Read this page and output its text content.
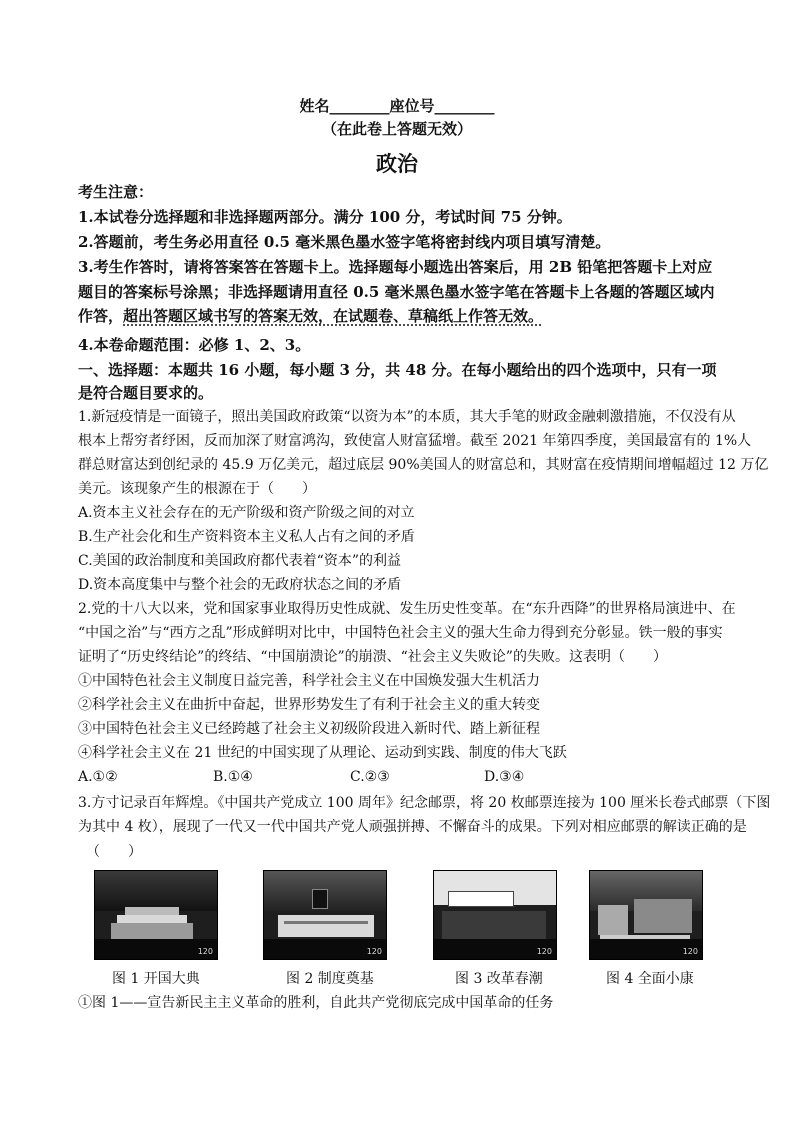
姓名________座位号________
（在此卷上答题无效）
政治
考生注意：
1.本试卷分选择题和非选择题两部分。满分 100 分，考试时间 75 分钟。
2.答题前，考生务必用直径 0.5 毫米黑色墨水签字笔将密封线内项目填写清楚。
3.考生作答时，请将答案答在答题卡上。选择题每小题选出答案后，用 2B 铅笔把答题卡上对应
题目的答案标号涂黑；非选择题请用直径 0.5 毫米黑色墨水签字笔在答题卡上各题的答题区域内
作答，超出答题区域书写的答案无效，在试题卷、草稿纸上作答无效。
4.本卷命题范围：必修 1、2、3。
一、选择题：本题共 16 小题，每小题 3 分，共 48 分。在每小题给出的四个选项中，只有一项
是符合题目要求的。
1.新冠疫情是一面镜子，照出美国政府政策“以资为本”的本质，其大手笔的财政金融刺激措施，不仅没有从
根本上帮穷者纾困，反而加深了财富鸿沟，致使富人财富猛增。截至 2021 年第四季度，美国最富有的 1%人
群总财富达到创纪录的 45.9 万亿美元，超过底层 90%美国人的财富总和，其财富在疫情期间增幅超过 12 万亿
美元。该现象产生的根源在于（　　）
A.资本主义社会存在的无产阶级和资产阶级之间的对立
B.生产社会化和生产资料资本主义私人占有之间的矛盾
C.美国的政治制度和美国政府都代表着“资本”的利益
D.资本高度集中与整个社会的无政府状态之间的矛盾
2.党的十八大以来，党和国家事业取得历史性成就、发生历史性变革。在“东升西降”的世界格局演进中、在
“中国之治”与“西方之乱”形成鲜明对比中，中国特色社会主义的强大生命力得到充分彰显。铁一般的事实
证明了“历史终结论”的终结、“中国崩溃论”的崩溃、“社会主义失败论”的失败。这表明（　　）
①中国特色社会主义制度日益完善，科学社会主义在中国焕发强大生机活力
②科学社会主义在曲折中奋起，世界形势发生了有利于社会主义的重大转变
③中国特色社会主义已经跨越了社会主义初级阶段进入新时代、踏上新征程
④科学社会主义在 21 世纪的中国实现了从理论、运动到实践、制度的伟大飞跃
A.①②	B.①④	C.②③	D.③④
3.方寸记录百年辉煌。《中国共产党成立 100 周年》纪念邮票，将 20 枚邮票连接为 100 厘米长卷式邮票（下图
为其中 4 枚），展现了一代又一代中国共产党人顽强拼搏、不懈奋斗的成果。下列对相应邮票的解读正确的是
（　　）
120	120	120	120
图 1 开国大典	图 2 制度奠基	图 3 改革春潮	图 4 全面小康
①图 1——宣告新民主主义革命的胜利，自此共产党彻底完成中国革命的任务
